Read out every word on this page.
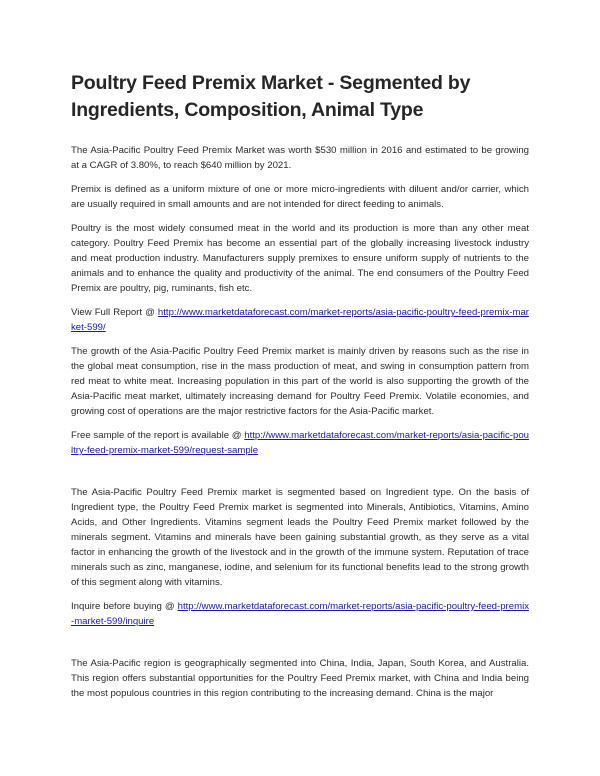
Poultry Feed Premix Market - Segmented by Ingredients, Composition, Animal Type

The Asia-Pacific Poultry Feed Premix Market was worth $530 million in 2016 and estimated to be growing at a CAGR of 3.80%, to reach $640 million by 2021.

Premix is defined as a uniform mixture of one or more micro-ingredients with diluent and/or carrier, which are usually required in small amounts and are not intended for direct feeding to animals.

Poultry is the most widely consumed meat in the world and its production is more than any other meat category. Poultry Feed Premix has become an essential part of the globally increasing livestock industry and meat production industry. Manufacturers supply premixes to ensure uniform supply of nutrients to the animals and to enhance the quality and productivity of the animal. The end consumers of the Poultry Feed Premix are poultry, pig, ruminants, fish etc.

View Full Report @ http://www.marketdataforecast.com/market-reports/asia-pacific-poultry-feed-premix-market-599/

The growth of the Asia-Pacific Poultry Feed Premix market is mainly driven by reasons such as the rise in the global meat consumption, rise in the mass production of meat, and swing in consumption pattern from red meat to white meat. Increasing population in this part of the world is also supporting the growth of the Asia-Pacific meat market, ultimately increasing demand for Poultry Feed Premix. Volatile economies, and growing cost of operations are the major restrictive factors for the Asia-Pacific market.

Free sample of the report is available @ http://www.marketdataforecast.com/market-reports/asia-pacific-poultry-feed-premix-market-599/request-sample

The Asia-Pacific Poultry Feed Premix market is segmented based on Ingredient type. On the basis of Ingredient type, the Poultry Feed Premix market is segmented into Minerals, Antibiotics, Vitamins, Amino Acids, and Other Ingredients. Vitamins segment leads the Poultry Feed Premix market followed by the minerals segment. Vitamins and minerals have been gaining substantial growth, as they serve as a vital factor in enhancing the growth of the livestock and in the growth of the immune system. Reputation of trace minerals such as zinc, manganese, iodine, and selenium for its functional benefits lead to the strong growth of this segment along with vitamins.

Inquire before buying @ http://www.marketdataforecast.com/market-reports/asia-pacific-poultry-feed-premix-market-599/inquire

The Asia-Pacific region is geographically segmented into China, India, Japan, South Korea, and Australia. This region offers substantial opportunities for the Poultry Feed Premix market, with China and India being the most populous countries in this region contributing to the increasing demand. China is the major
